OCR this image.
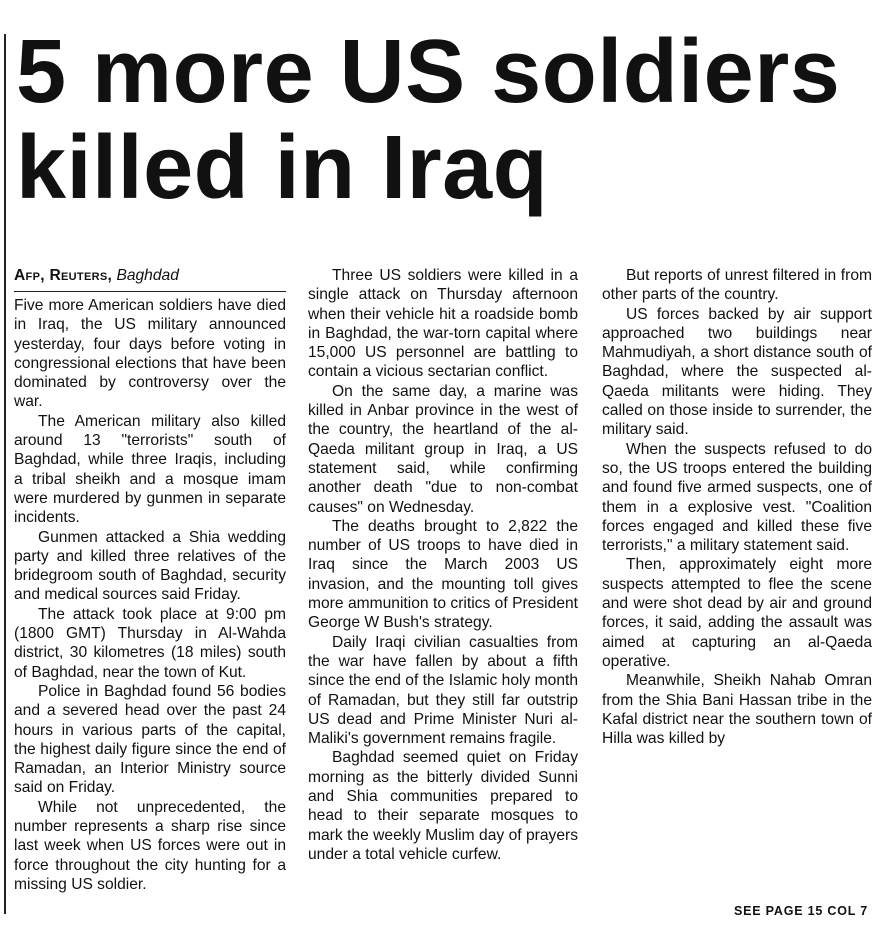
5 more US soldiers killed in Iraq
Afp, Reuters, Baghdad

Five more American soldiers have died in Iraq, the US military announced yesterday, four days before voting in congressional elections that have been dominated by controversy over the war.

The American military also killed around 13 "terrorists" south of Baghdad, while three Iraqis, including a tribal sheikh and a mosque imam were murdered by gunmen in separate incidents.

Gunmen attacked a Shia wedding party and killed three relatives of the bridegroom south of Baghdad, security and medical sources said Friday.

The attack took place at 9:00 pm (1800 GMT) Thursday in Al-Wahda district, 30 kilometres (18 miles) south of Baghdad, near the town of Kut.

Police in Baghdad found 56 bodies and a severed head over the past 24 hours in various parts of the capital, the highest daily figure since the end of Ramadan, an Interior Ministry source said on Friday.

While not unprecedented, the number represents a sharp rise since last week when US forces were out in force throughout the city hunting for a missing US soldier.

Three US soldiers were killed in a single attack on Thursday afternoon when their vehicle hit a roadside bomb in Baghdad, the war-torn capital where 15,000 US personnel are battling to contain a vicious sectarian conflict.

On the same day, a marine was killed in Anbar province in the west of the country, the heartland of the al-Qaeda militant group in Iraq, a US statement said, while confirming another death "due to non-combat causes" on Wednesday.

The deaths brought to 2,822 the number of US troops to have died in Iraq since the March 2003 US invasion, and the mounting toll gives more ammunition to critics of President George W Bush's strategy.

Daily Iraqi civilian casualties from the war have fallen by about a fifth since the end of the Islamic holy month of Ramadan, but they still far outstrip US dead and Prime Minister Nuri al-Maliki's government remains fragile.

Baghdad seemed quiet on Friday morning as the bitterly divided Sunni and Shia communities prepared to head to their separate mosques to mark the weekly Muslim day of prayers under a total vehicle curfew.

But reports of unrest filtered in from other parts of the country.

US forces backed by air support approached two buildings near Mahmudiyah, a short distance south of Baghdad, where the suspected al-Qaeda militants were hiding. They called on those inside to surrender, the military said.

When the suspects refused to do so, the US troops entered the building and found five armed suspects, one of them in a explosive vest. "Coalition forces engaged and killed these five terrorists," a military statement said.

Then, approximately eight more suspects attempted to flee the scene and were shot dead by air and ground forces, it said, adding the assault was aimed at capturing an al-Qaeda operative.

Meanwhile, Sheikh Nahab Omran from the Shia Bani Hassan tribe in the Kafal district near the southern town of Hilla was killed by

SEE PAGE 15 COL 7
